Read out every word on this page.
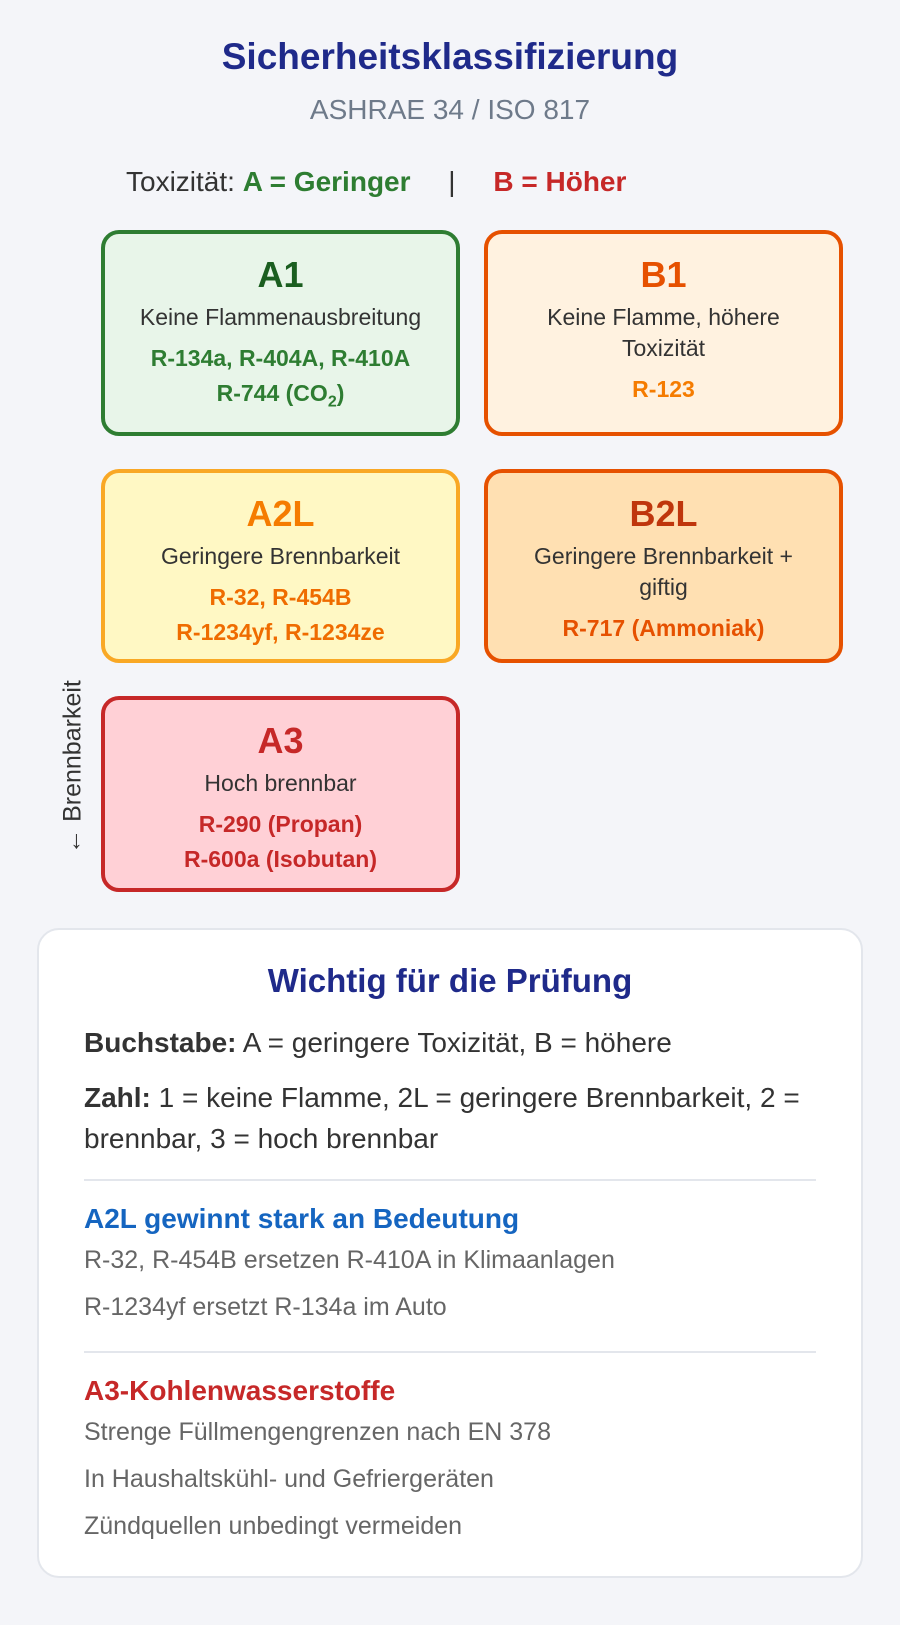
Sicherheitsklassifizierung
ASHRAE 34 / ISO 817
Toxizität: A = Geringer | B = Höher
A1
Keine Flammenausbreitung
R-134a, R-404A, R-410A
R-744 $(CO_2)$
B1
Keine Flamme, höhere Toxizität
R-123
A2L
Geringere Brennbarkeit
R-32, R-454B
R-1234yf, R-1234ze
B2L
Geringere Brennbarkeit + giftig
R-717 (Ammoniak)
A3
Hoch brennbar
R-290 (Propan)
R-600a (Isobutan)
← Brennbarkeit
Wichtig für die Prüfung
Buchstabe: A = geringere Toxizität, B = höhere
Zahl: 1 = keine Flamme, 2L = geringere Brennbarkeit, 2 = brennbar, 3 = hoch brennbar
A2L gewinnt stark an Bedeutung
R-32, R-454B ersetzen R-410A in Klimaanlagen
R-1234yf ersetzt R-134a im Auto
A3-Kohlenwasserstoffe
Strenge Füllmengengrenzen nach EN 378
In Haushaltskühl- und Gefriergeräten
Zündquellen unbedingt vermeiden
